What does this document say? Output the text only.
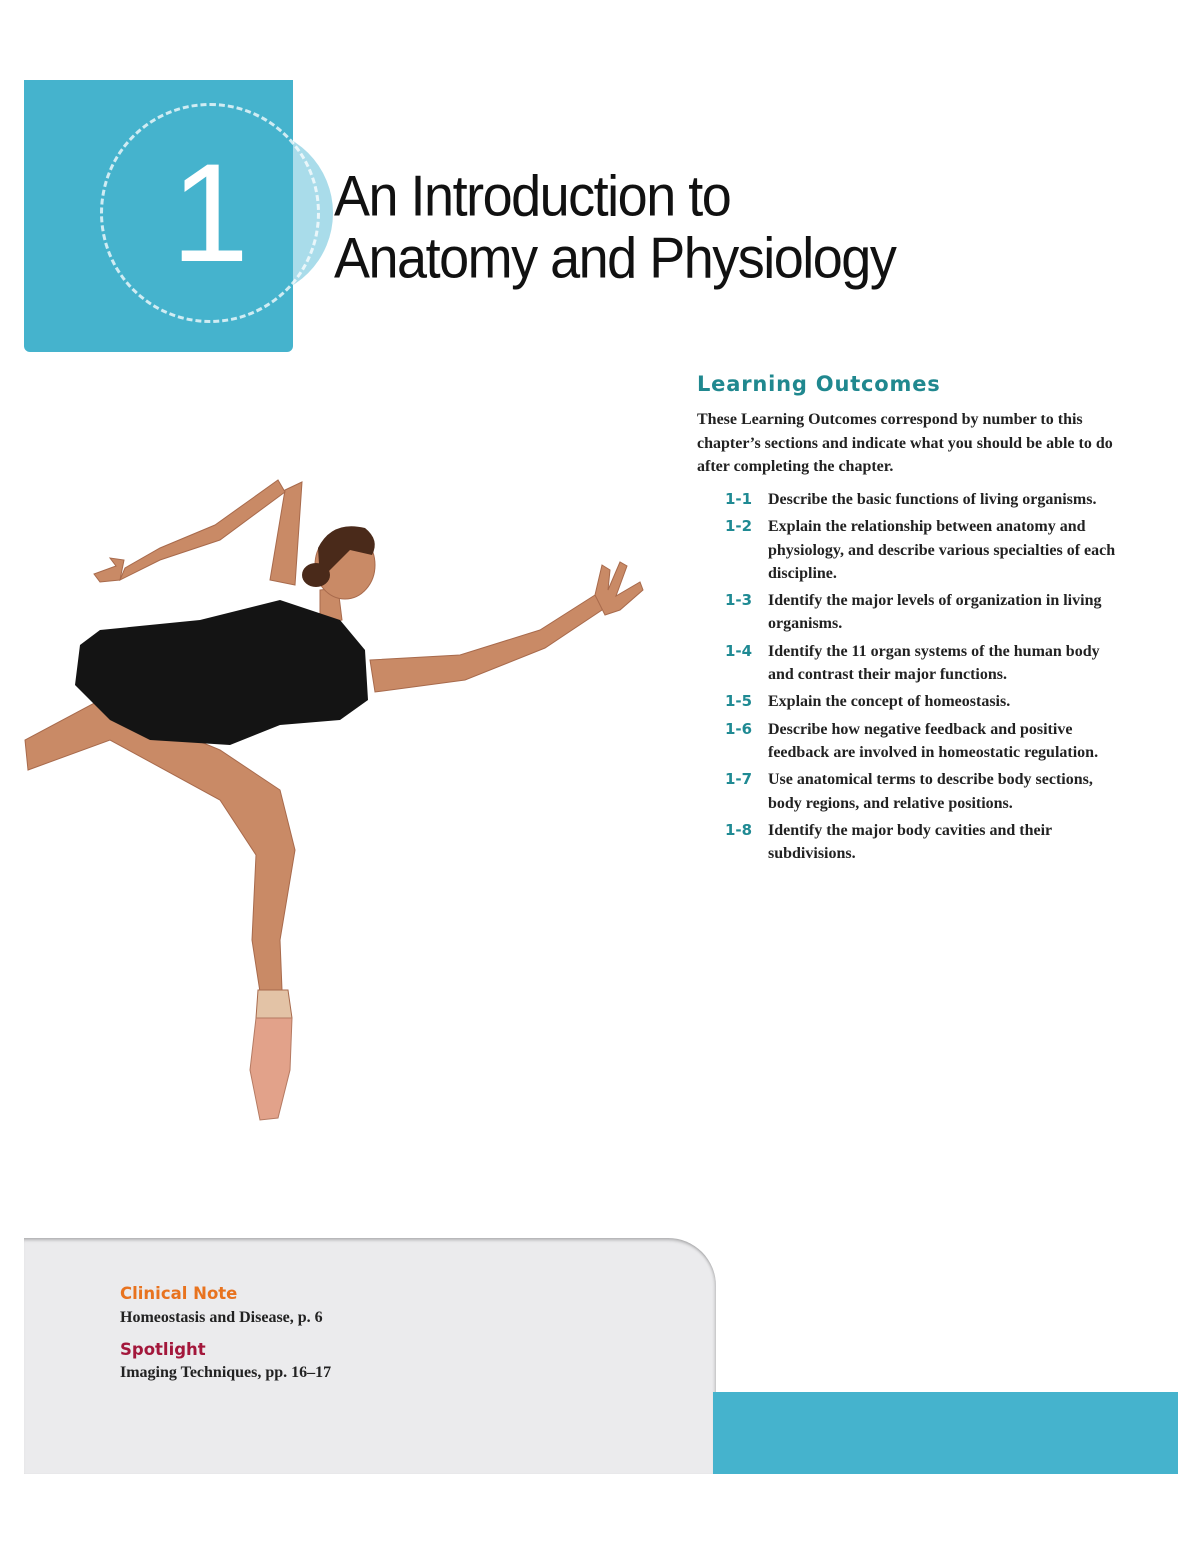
1	An Introduction to
Anatomy and Physiology
Learning Outcomes

These Learning Outcomes correspond by number to this chapter’s sections and indicate what you should be able to do after completing the chapter.

1-1 Describe the basic functions of living organisms.
1-2 Explain the relationship between anatomy and physiology, and describe various specialties of each discipline.
1-3 Identify the major levels of organization in living organisms.
1-4 Identify the 11 organ systems of the human body and contrast their major functions.
1-5 Explain the concept of homeostasis.
1-6 Describe how negative feedback and positive feedback are involved in homeostatic regulation.
1-7 Use anatomical terms to describe body sections, body regions, and relative positions.
1-8 Identify the major body cavities and their subdivisions.

Clinical Note

Homeostasis and Disease, p. 6

Spotlight

Imaging Techniques, pp. 16–17
